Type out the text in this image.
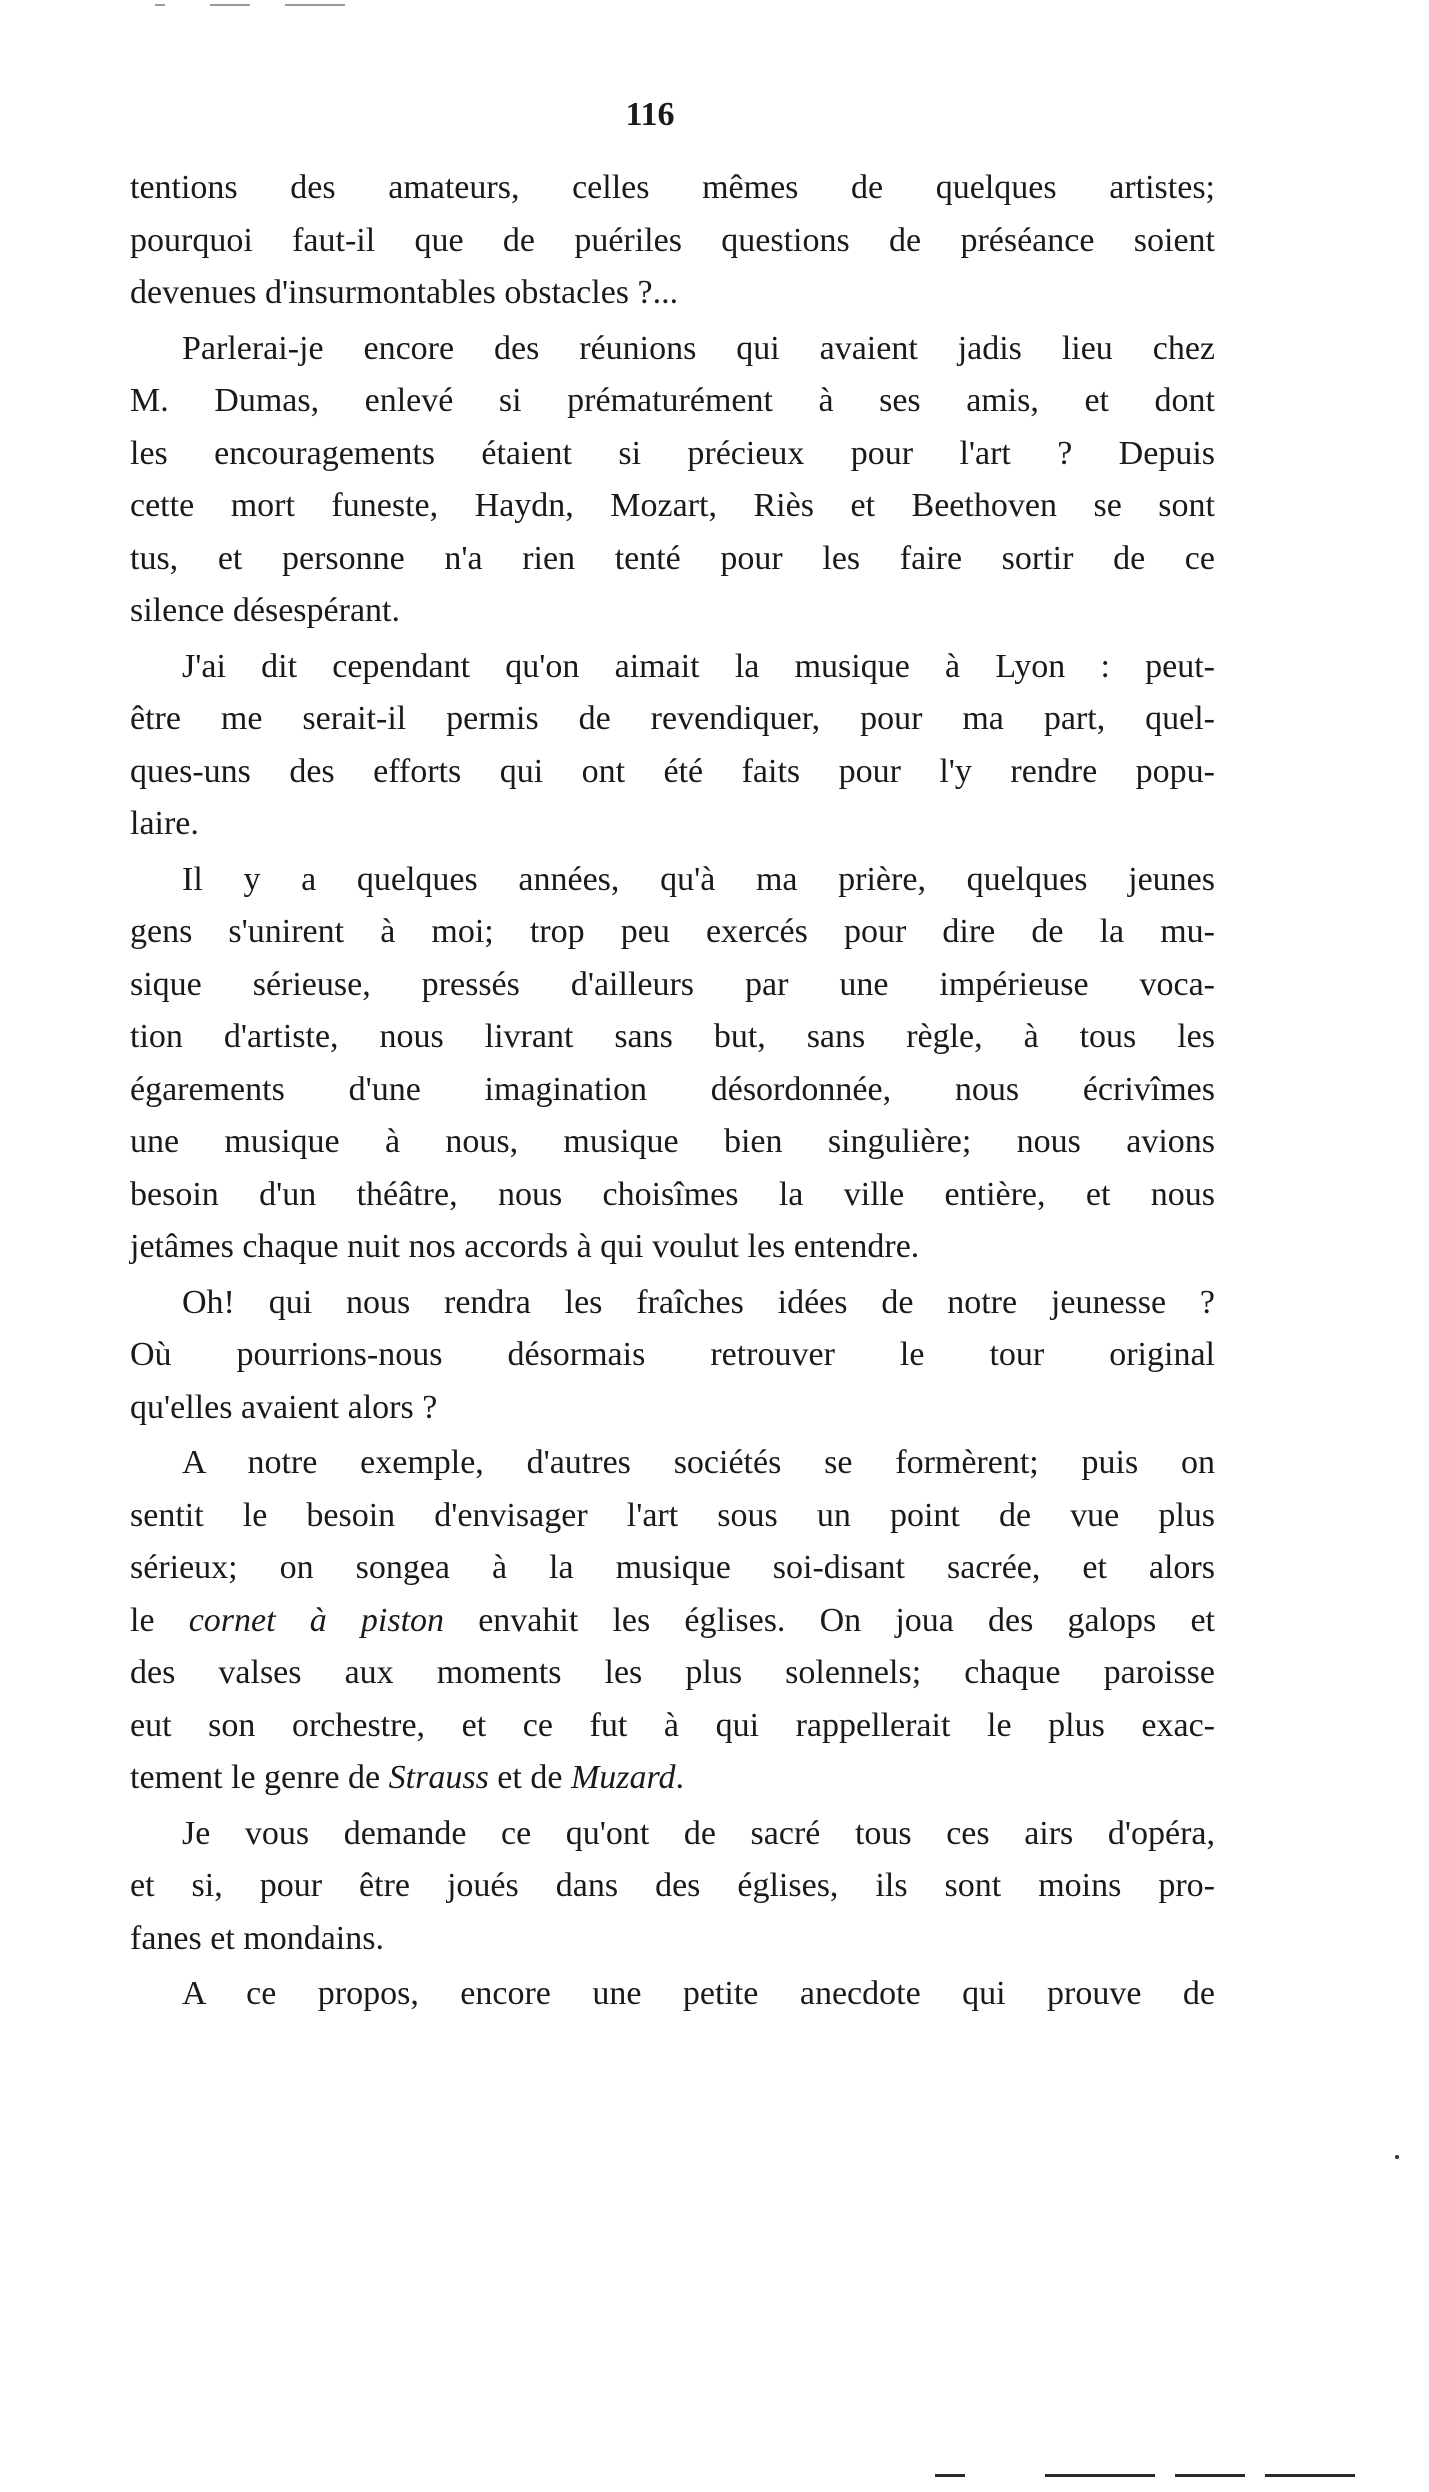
116

tentions des amateurs, celles mêmes de quelques artistes;
pourquoi faut-il que de puériles questions de préséance soient
devenues d'insurmontables obstacles ?...

Parlerai-je encore des réunions qui avaient jadis lieu chez
M. Dumas, enlevé si prématurément à ses amis, et dont
les encouragements étaient si précieux pour l'art ? Depuis
cette mort funeste, Haydn, Mozart, Riès et Beethoven se sont
tus, et personne n'a rien tenté pour les faire sortir de ce
silence désespérant.

J'ai dit cependant qu'on aimait la musique à Lyon : peut-
être me serait-il permis de revendiquer, pour ma part, quel-
ques-uns des efforts qui ont été faits pour l'y rendre popu-
laire.

Il y a quelques années, qu'à ma prière, quelques jeunes
gens s'unirent à moi; trop peu exercés pour dire de la mu-
sique sérieuse, pressés d'ailleurs par une impérieuse voca-
tion d'artiste, nous livrant sans but, sans règle, à tous les
égarements d'une imagination désordonnée, nous écrivîmes
une musique à nous, musique bien singulière; nous avions
besoin d'un théâtre, nous choisîmes la ville entière, et nous
jetâmes chaque nuit nos accords à qui voulut les entendre.

Oh! qui nous rendra les fraîches idées de notre jeunesse ?
Où pourrions-nous désormais retrouver le tour original
qu'elles avaient alors ?

A notre exemple, d'autres sociétés se formèrent; puis on
sentit le besoin d'envisager l'art sous un point de vue plus
sérieux; on songea à la musique soi-disant sacrée, et alors
le cornet à piston envahit les églises. On joua des galops et
des valses aux moments les plus solennels; chaque paroisse
eut son orchestre, et ce fut à qui rappellerait le plus exac-
tement le genre de Strauss et de Muzard.

Je vous demande ce qu'ont de sacré tous ces airs d'opéra,
et si, pour être joués dans des églises, ils sont moins pro-
fanes et mondains.

A ce propos, encore une petite anecdote qui prouve de
